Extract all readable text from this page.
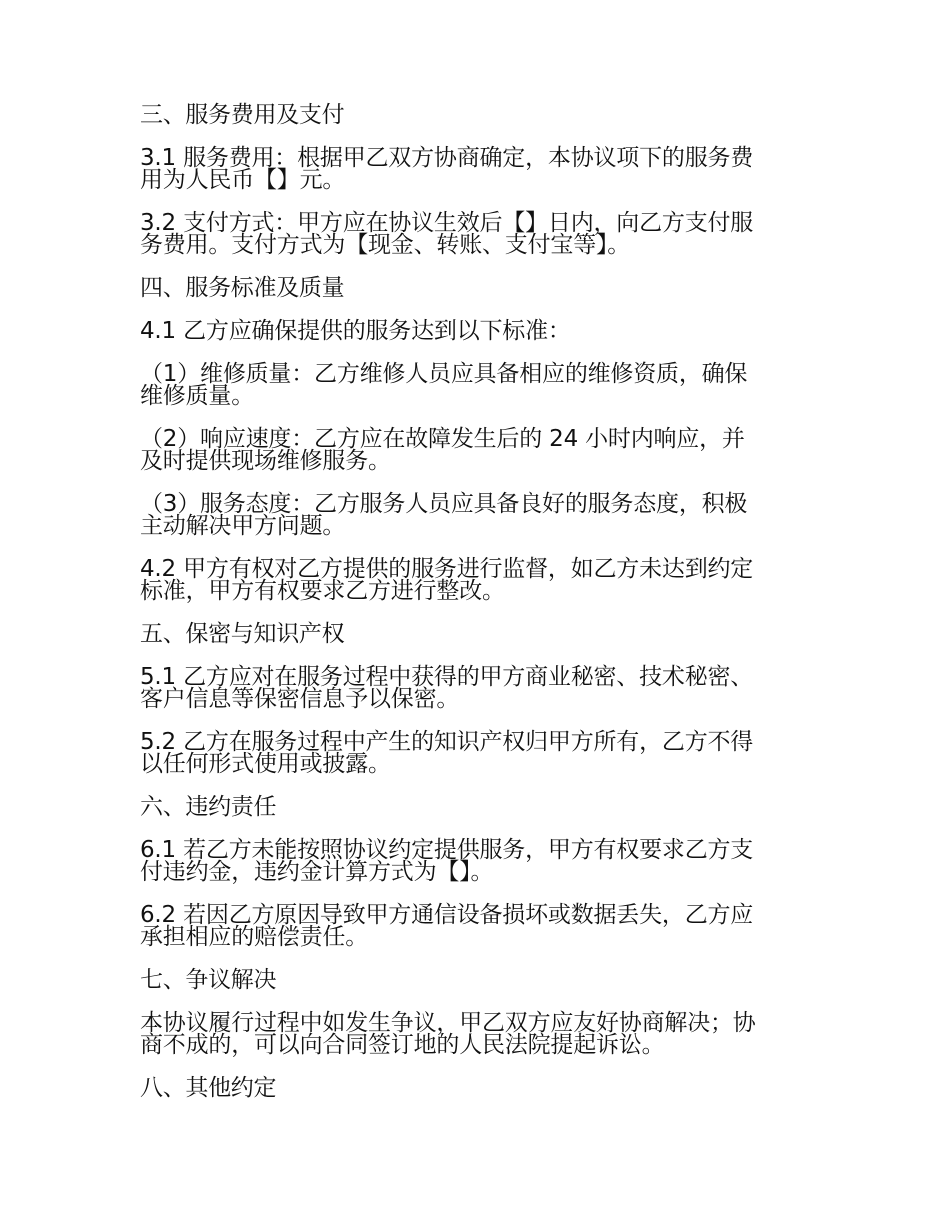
三、服务费用及支付
3.1 服务费用：根据甲乙双方协商确定，本协议项下的服务费
用为人民币【】元。
3.2 支付方式：甲方应在协议生效后【】日内，向乙方支付服
务费用。支付方式为【现金、转账、支付宝等】。
四、服务标准及质量
4.1 乙方应确保提供的服务达到以下标准：
（1）维修质量：乙方维修人员应具备相应的维修资质，确保
维修质量。
（2）响应速度：乙方应在故障发生后的 24 小时内响应，并
及时提供现场维修服务。
（3）服务态度：乙方服务人员应具备良好的服务态度，积极
主动解决甲方问题。
4.2 甲方有权对乙方提供的服务进行监督，如乙方未达到约定
标准，甲方有权要求乙方进行整改。
五、保密与知识产权
5.1 乙方应对在服务过程中获得的甲方商业秘密、技术秘密、
客户信息等保密信息予以保密。
5.2 乙方在服务过程中产生的知识产权归甲方所有，乙方不得
以任何形式使用或披露。
六、违约责任
6.1 若乙方未能按照协议约定提供服务，甲方有权要求乙方支
付违约金，违约金计算方式为【】。
6.2 若因乙方原因导致甲方通信设备损坏或数据丢失，乙方应
承担相应的赔偿责任。
七、争议解决
本协议履行过程中如发生争议，甲乙双方应友好协商解决；协
商不成的，可以向合同签订地的人民法院提起诉讼。
八、其他约定
